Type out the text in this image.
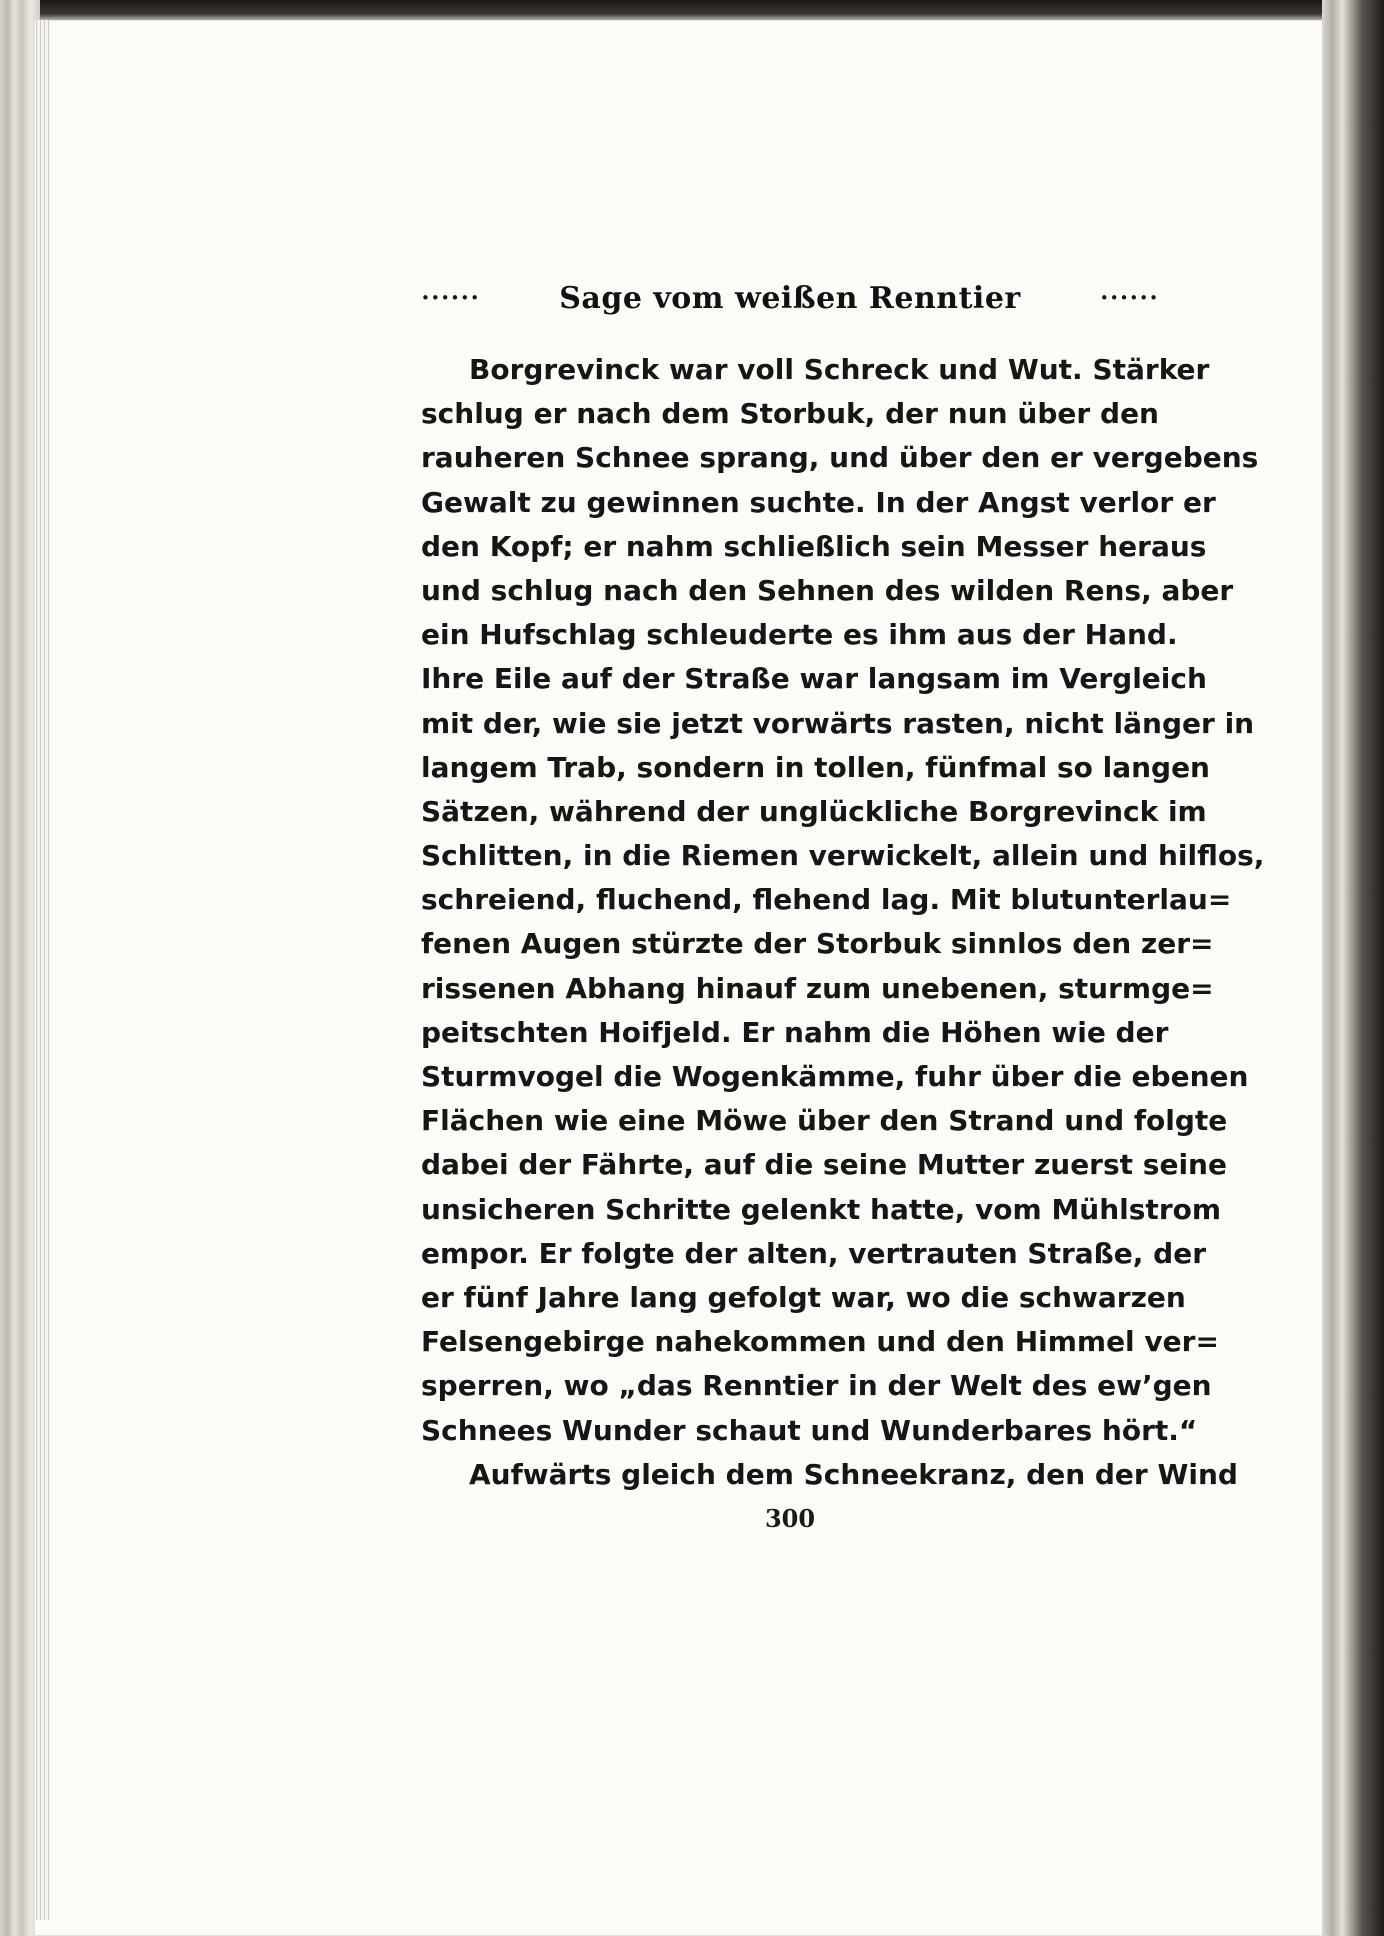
••••••	Sage vom weißen Renntier	••••••
Borgrevinck war voll Schreck und Wut. Stärker
schlug er nach dem Storbuk, der nun über den
rauheren Schnee sprang, und über den er vergebens
Gewalt zu gewinnen suchte. In der Angst verlor er
den Kopf; er nahm schließlich sein Messer heraus
und schlug nach den Sehnen des wilden Rens, aber
ein Hufschlag schleuderte es ihm aus der Hand.
Ihre Eile auf der Straße war langsam im Vergleich
mit der, wie sie jetzt vorwärts rasten, nicht länger in
langem Trab, sondern in tollen, fünfmal so langen
Sätzen, während der unglückliche Borgrevinck im
Schlitten, in die Riemen verwickelt, allein und hilflos,
schreiend, fluchend, flehend lag. Mit blutunterlau=
fenen Augen stürzte der Storbuk sinnlos den zer=
rissenen Abhang hinauf zum unebenen, sturmge=
peitschten Hoifjeld. Er nahm die Höhen wie der
Sturmvogel die Wogenkämme, fuhr über die ebenen
Flächen wie eine Möwe über den Strand und folgte
dabei der Fährte, auf die seine Mutter zuerst seine
unsicheren Schritte gelenkt hatte, vom Mühlstrom
empor. Er folgte der alten, vertrauten Straße, der
er fünf Jahre lang gefolgt war, wo die schwarzen
Felsengebirge nahekommen und den Himmel ver=
sperren, wo „das Renntier in der Welt des ew’gen
Schnees Wunder schaut und Wunderbares hört.“
Aufwärts gleich dem Schneekranz, den der Wind
300
